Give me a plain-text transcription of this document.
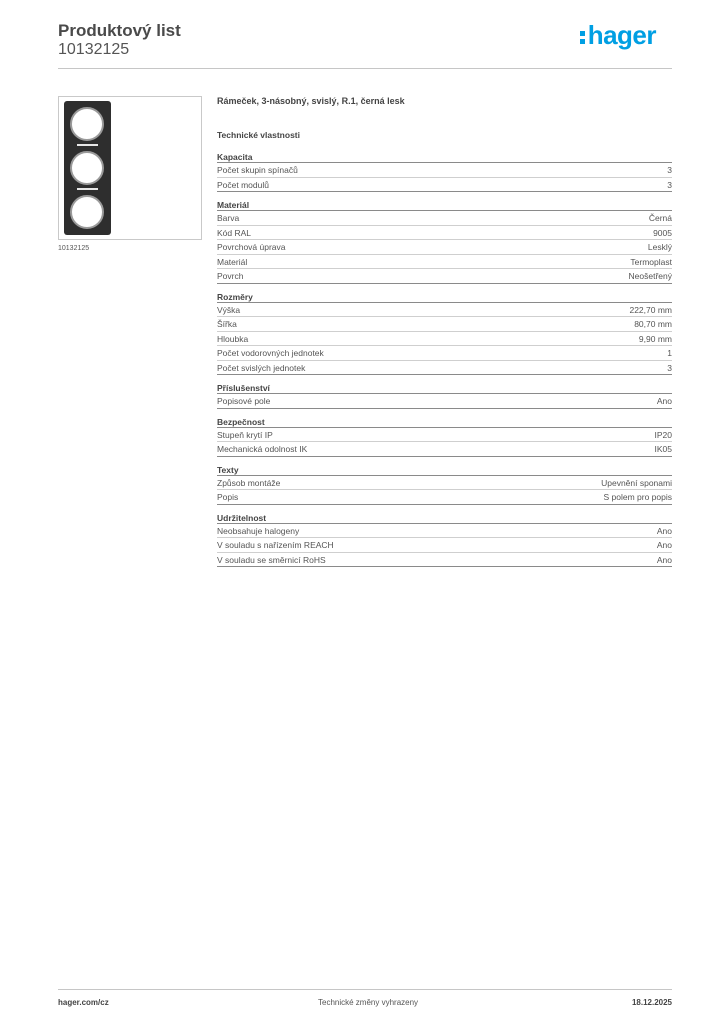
Produktový list
10132125	hager
10132125
Rámeček, 3-násobný, svislý, R.1, černá lesk
Technické vlastnosti
Kapacita
Počet skupin spínačů	3
Počet modulů	3
Materiál
Barva	Černá
Kód RAL	9005
Povrchová úprava	Lesklý
Materiál	Termoplast
Povrch	Neošetřený
Rozměry
Výška	222,70 mm
Šířka	80,70 mm
Hloubka	9,90 mm
Počet vodorovných jednotek	1
Počet svislých jednotek	3
Příslušenství
Popisové pole	Ano
Bezpečnost
Stupeň krytí IP	IP20
Mechanická odolnost IK	IK05
Texty
Způsob montáže	Upevnění sponami
Popis	S polem pro popis
Udržitelnost
Neobsahuje halogeny	Ano
V souladu s nařízením REACH	Ano
V souladu se směrnicí RoHS	Ano
hager.com/cz	Technické změny vyhrazeny	18.12.2025
